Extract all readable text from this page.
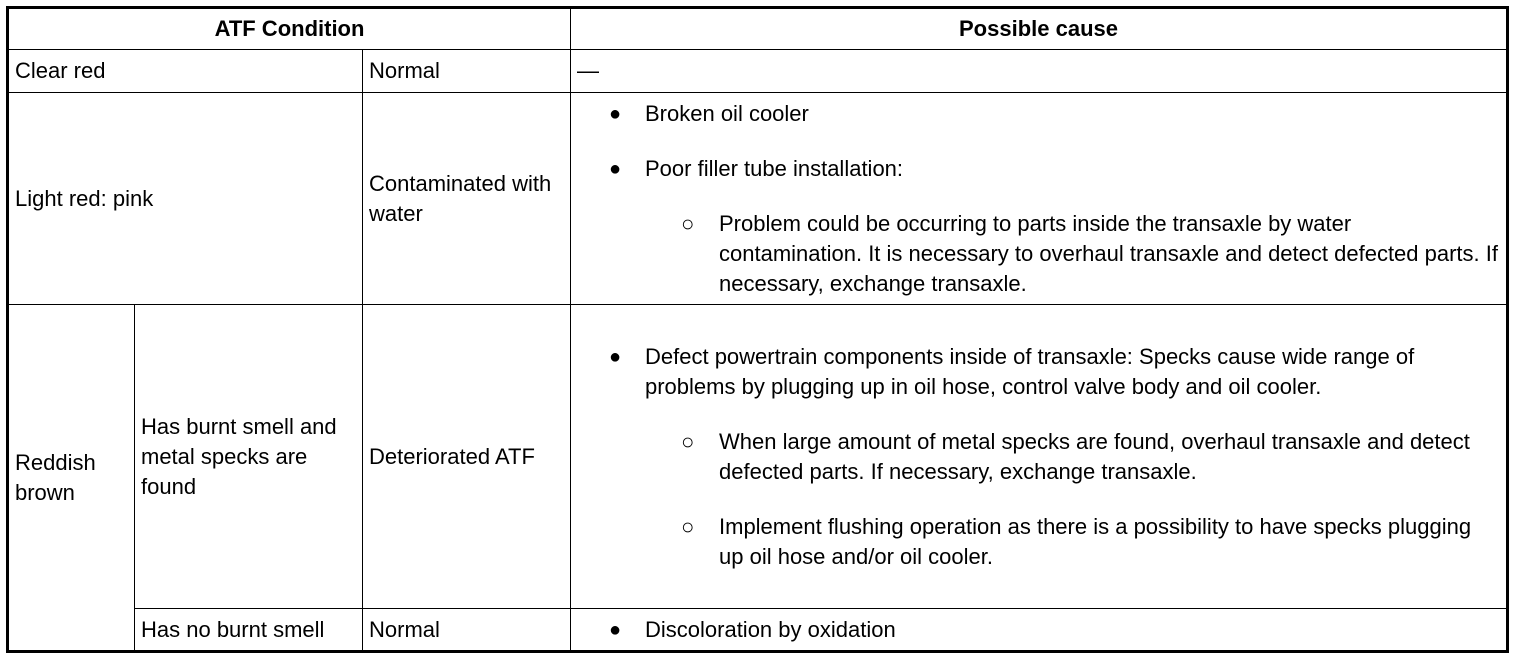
ATF Condition			Possible cause
Clear red		Normal	—
Light red: pink		Contaminated with water	● Broken oil cooler

● Poor filler tube installation:

○ Problem could be occurring to parts inside the transaxle by water contamination. It is necessary to overhaul transaxle and detect defected parts. If necessary, exchange transaxle.

Reddish brown	Has burnt smell and metal specks are found	Deteriorated ATF	● Defect powertrain components inside of transaxle: Specks cause wide range of problems by plugging up in oil hose, control valve body and oil cooler.

○ When large amount of metal specks are found, overhaul transaxle and detect defected parts. If necessary, exchange transaxle.

○ Implement flushing operation as there is a possibility to have specks plugging up oil hose and/or oil cooler.

	Has no burnt smell	Normal	● Discoloration by oxidation
